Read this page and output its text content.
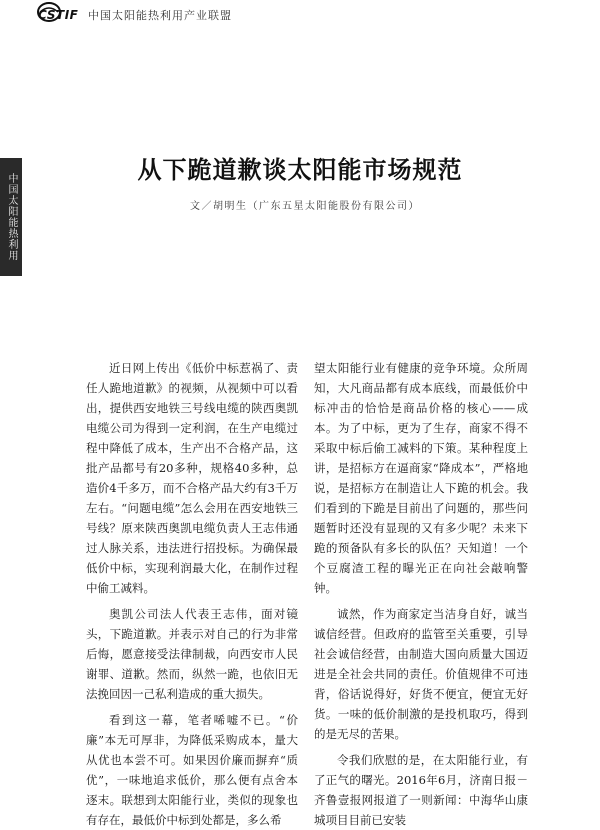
CSTIF 中国太阳能热利用产业联盟
中国太阳能热利用
从下跪道歉谈太阳能市场规范
文／胡明生（广东五星太阳能股份有限公司）

近日网上传出《低价中标惹祸了、责任人跪地道歉》的视频，从视频中可以看出，提供西安地铁三号线电缆的陕西奥凯电缆公司为得到一定利润，在生产电缆过程中降低了成本，生产出不合格产品，这批产品都号有20多种，规格40多种，总造价4千多万，而不合格产品大约有3千万左右。“问题电缆”怎么会用在西安地铁三号线？原来陕西奥凯电缆负责人王志伟通过人脉关系，违法进行招投标。为确保最低价中标，实现利润最大化，在制作过程中偷工减料。

奥凯公司法人代表王志伟，面对镜头，下跪道歉。并表示对自己的行为非常后悔，愿意接受法律制裁，向西安市人民谢罪、道歉。然而，纵然一跪，也依旧无法挽回因一己私利造成的重大损失。

看到这一幕，笔者唏嘘不已。“价廉”本无可厚非，为降低采购成本，量大从优也本尝不可。如果因价廉而摒弃“质优”，一味地追求低价，那么便有点舍本逐末。联想到太阳能行业，类似的现象也有存在，最低价中标到处都是，多么希

望太阳能行业有健康的竞争环境。众所周知，大凡商品都有成本底线，而最低价中标冲击的恰恰是商品价格的核心——成本。为了中标，更为了生存，商家不得不采取中标后偷工减料的下策。某种程度上讲，是招标方在逼商家“降成本”，严格地说，是招标方在制造让人下跪的机会。我们看到的下跪是目前出了问题的，那些问题暂时还没有显现的又有多少呢？未来下跪的预备队有多长的队伍？天知道！一个个豆腐渣工程的曝光正在向社会敲响警钟。

诚然，作为商家定当洁身自好，诚当诚信经营。但政府的监管至关重要，引导社会诚信经营，由制造大国向质量大国迈进是全社会共同的责任。价值规律不可违背，俗话说得好，好货不便宜，便宜无好货。一味的低价制激的是投机取巧，得到的是无尽的苦果。

令我们欣慰的是，在太阳能行业，有了正气的曙光。2016年6月，济南日报－齐鲁壹报网报道了一则新闻：中海华山康城项目目前已安装
